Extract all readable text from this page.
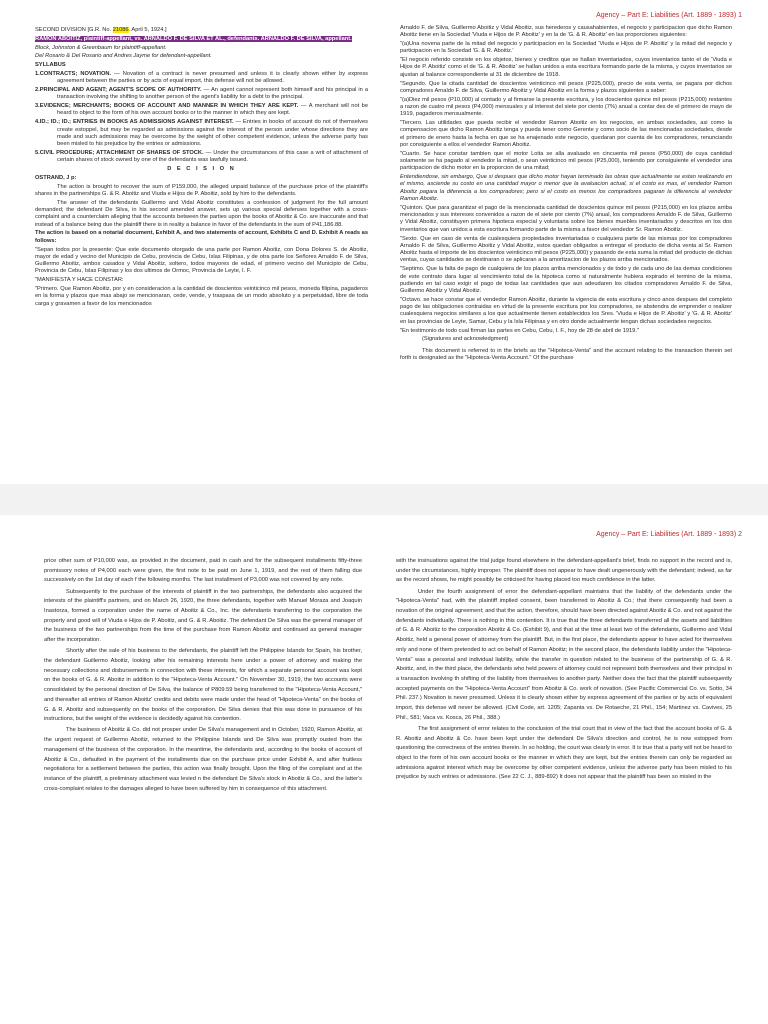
Agency – Part E: Liabilities (Art. 1889 - 1893) 1

SECOND DIVISION [G.R. No. 21086. April 5, 1924.]

RAMON ABOITIZ, plaintiff-appellant, vs. ARNALDO F. DE SILVA ET AL., defendants. ARNALDO F. DE SILVA, appellant.

Block, Johnston & Greenbaum for plaintiff-appellant.

Del Rosario & Del Rosario and Andres Jayme for defendant-appellant.

SYLLABUS

1.CONTRACTS; NOVATION. — Novation of a contract is never presumed and unless it is clearly shown either by express agreement between the parties or by acts of equal import, this defense will not be allowed.

2.PRINCIPAL AND AGENT; AGENT'S SCOPE OF AUTHORITY. — An agent cannot represent both himself and his principal in a transaction involving the shifting to another person of the agent's liability for a debt to the principal.

3.EVIDENCE; MERCHANTS; BOOKS OF ACCOUNT AND MANNER IN WHICH THEY ARE KEPT. — A merchant will not be heard to object to the form of his own account books or to the manner in which they are kept.

4.ID.; ID.; ID.; ENTRIES IN BOOKS AS ADMISSIONS AGAINST INTEREST. — Entries in books of account do not of themselves create estoppel, but may be regarded as admissions against the interest of the person under whose directions they are made and such admissions may be overcome by the weight of other competent evidence, unless the adverse party has been misled to his prejudice by the entries or admissions.

5.CIVIL PROCEDURE; ATTACHMENT OF SHARES OF STOCK. — Under the circumstances of this case a writ of attachment of certain shares of stock owned by one of the defendants was lawfully issued.

D E C I S I O N

OSTRAND, J p:

The action is brought to recover the sum of P159,000, the alleged unpaid balance of the purchase price of the plaintiff's shares in the partnerships G. & R. Aboitiz and Viuda e Hijos de P. Aboitiz, sold by him to the defendants.

The answer of the defendants Guillermo and Vidal Aboitiz constitutes a confession of judgment for the full amount demanded; the defendant De Silva, in his second amended answer, sets up various special defenses together with a cross-complaint and a counterclaim alleging that the accounts between the parties upon the books of Aboitiz & Co. are inaccurate and that instead of a balance being due the plaintiff there is in reality a balance in favor of the defendants in the sum of P41,186.88.

The action is based on a notarial document, Exhibit A, and two statements of account, Exhibits C and D. Exhibit A reads as follows:

"Sepan todos por la presente: Que este documento otorgado de una parte por Ramon Aboitiz, con Dona Dolores S. de Aboitiz, mayor de edad y vecino del Municipio de Cebu, provincia de Cebu, Islas Filipinas, y de otra parte los Señores Arnaldo F. de Silva, Guillermo Aboitiz, ambos casados y Vidal Aboitiz, soltero, todos mayores de edad, el primero vecino del Municipio de Cebu, Provincia de Cebu, Islas Filipinas y los dos ultimos de Ormoc, Provincia de Leyte, I. F.

"MANIFIESTA Y HACE CONSTAR:

"Primero. Que Ramon Aboitiz, por y en consideracion a la cantidad de doscientos veinticinco mil pesos, moneda filipina, pagaderos en la forma y plazos que mas abajo se mencionaran, cede, vende, y traspasa de un modo absoluto y a perpetuidad, libre de toda carga y gravamen a favor de los mencionados

Arnaldo F. de Silva, Guillermo Aboitiz y Vidal Aboitiz, sus herederos y causahabientes, el negocio y participacion que dicho Ramon Aboitiz tiene en la Sociedad 'Viuda e Hijos de P. Aboitiz' y en la de 'G. & R. Aboitiz' en las proporciones siguientes:

"(a)Una novena parte de la mitad del negocio y participacion en la Sociedad 'Viuda e Hijos de P. Aboitiz' y la mitad del negocio y participacion en la Sociedad 'G. & R. Aboitiz.'

"El negocio referido consiste en los objetos, bienes y creditos que se hallan inventariados, cuyos inventarios tanto el de 'Viuda e Hijos de P. Aboitiz' como el de 'G. & R. Aboitiz' se hallan unidos a esta escritura formando parte de la misma, y cuyos inventarios se ajustan al balance correspondiente al 31 de diciembre de 1918.

"Segundo. Que la citada cantidad de doscientos veinticinco mil pesos (P225,000), precio de esta venta, se pagara por dichos compradores Arnaldo F. de Silva, Guillermo Aboitiz y Vidal Aboitiz en la forma y plazos siguientes a saber:

"(a)Diez mil pesos (P10,000) al contado y al firmarse la presente escritura, y los doscientos quince mil pesos (P215,000) restantes a razon de cuatro mil pesos (P4,000) mensuales y al interest del siete por ciento (7%) anual a contar des de el primero de mayo de 1919, pagaderos mensualmente.

"Tercero. Las utilidades que pueda recibir el vendedor Ramon Aboitiz en los negocios, en ambas sociedades, asi como la compensacion que dicho Ramon Aboitiz tenga y pueda tener como Gerente y como socio de las mencionadas sociedades, desde el primero de enero hasta la fecha en que se ha enajenado este negocio, quedaran por cuenta de los compradores, renunciando por consiguiente a ellos el vendedor Ramon Aboitiz.

"Cuarto. Se hace constar tambien que el motor Loita se alla avaluado en cincuenta mil pesos (P50,000) de cuya cantidad solamente se ha pagado al vendedor la mitad, o sean veinticinco mil pesos (P25,000), teniendo por consiguiente el vendedor una participacion de dicho motor en la proporcion de una mitad;

Entendiendose, sin embargo, Que si despues que dicho motor hayan terminado las obras que actualmente se estan realizando en el mismo, asciende su costo en una cantidad mayor o menor que la avaluacion actual, si el costo es mas, el vendedor Ramon Aboitiz pagara la diferencia a los compradores; pero si el costo es menos los compradores pagaran la diferencia al vendedor Ramon Aboitiz.

"Quinton. Que para garantizar el pago de la mencionada cantidad de doscientos quince mil pesos (P215,000) en los plazos arriba mencionados y sus intereses convenidos a razon de el siete por ciento (7%) anual, los compradores Arnaldo F. de Silva, Guillermo y Vidal Aboitiz, constituyen primera hipoteca especial y voluntaria sobre los bienes muebles inventariados y descritos en los dos inventarios que van unidos a esta escritura formando parte de la misma a favor del vendedor Sr. Ramon Aboitiz.

"Sexto. Que en caso de venta de cualesquiera propiedades inventariadas o cualquiera parte de las mismas por los compradores Arnaldo F. de Silva, Guillermo Aboitiz y Vidal Aboitiz, estos quedan obligados a entregar el producto de dicha venta al Sr. Ramon Aboitiz hasta el importe de los doscientos veinticinco mil pesos (P225,000) y pasando de esta suma la mitad del producto de dichas ventas, cuyas cantidades se destinaran o se aplicaran a la amortizacion de los plazos arriba mencionados.

"Septimo. Que la falta de pago de cualquiera de los plazos arriba mencionados y de todo y de cada uno de las demas condiciones de este contrato dara lugar al vencimiento total de la hipoteca como si naturalmente hubiera expirado el termino de la misma, pudiendo en tal caso exigir el pago de todas las cantidades que aun adeudaren los citados compradores Arnaldo F. de Silva, Guillermo Aboitiz y Vidal Aboitiz.

"Octavo. se hace constar que el vendedor Ramon Aboitiz, durante la vigencia de esta escritura y cinco anos despues del completo pago de las obligaciones contraidas en virtud de la presente escritura por los compradores, se abstendra de emprender o realizer cualesquiera negocios similares a los que actualmente tienen establecidos los Sres. 'Viuda e Hijos de P. Aboitiz' y 'G. & R. Aboitiz' en las provincias de Leyte, Samar, Cebu y la Isla Filipinas y en otro donde actualmente tengan dichas sociedades negocios.

"En testimonio de todo cual firman las partes en Cebu, Cebu, I. F., hoy de 28 de abril de 1919."

(Signatures and acknowledgment)

This document is referred to in the briefs as the "Hipoteca-Venta" and the account relating to the transaction therein set forth is designated as the "Hipoteca-Venta Account." Of the purchase

Agency – Part E: Liabilities (Art. 1889 - 1893) 2

price other sum of P10,000 was, as provided in the document, paid in cash and for the subsequent installments fifty-three promissory notes of P4,000 each were given, the first note to be paid on June 1, 1919, and the rest of them falling due successively on the 1st day of each f the following months. The last installment of P3,000 was not covered by any note.

Subsequently to the purchase of the interests of plaintiff in the two partnerships, the defendants also acquired the interests of the plaintiff's partners, and on March 26, 1920, the three defendants, together with Manuel Moraza and Joaquin Inastorza, formed a corporation under the name of Aboitiz & Co., Inc. the defendants transferring to the corporation the property and good will of Viuda e Hijos de P. Aboitiz, and G. & R. Aboitiz. The defendant De Silva was the general manager of the business of the two partnerships from the time of the purchase from Ramon Aboitiz and continued as general manager after the incorporation.

Shortly after the sale of his business to the defendants, the plaintiff left the Philippine Islands for Spain, his brother, the defendant Guillermo Aboitiz, looking after his remaining interests here under a power of attorney and making the necessary collections and disbursements in connection with these interests, for which a separate personal account was kept on the books of G. & R. Aboitiz in addition to the "Hipoteca-Venta Account." On November 30, 1919, the two accounts were consolidated by the personal direction of De Silva, the balance of P809.59 being transferred to the "Hipoteca-Venta Account," and thereafter all entries of Ramon Aboitiz' credits and debits were made under the head of "Hipoteca-Venta" on the books of G. & R. Aboitiz and subsequently on the books of the corporation. De Silva denies that this was done in pursuance of his instructions, but the weight of the evidence is decidedly against his contention.

The business of Aboitiz & Co. did not prosper under De Silva's management and in October, 1920, Ramon Aboitiz, at the urgent request of Guillermo Aboitiz, returned to the Philippine Islands and De Silva was promptly ousted from the management of the business of the corporation. In the meantime, the defendants and, according to the books of account of Aboitiz & Co., defaulted in the payment of the installments due on the purchase price under Exhibit A, and after fruitless negotiations for a settlement between the parties, this action was finally brought. Upon the filing of the complaint and at the instance of the plaintiff, a preliminary attachment was levied n the defendant De Silva's stock in Aboitiz & Co., and the latter's cross-complaint relates to the damages alleged to have been suffered by him in consequence of this attachment.

with the insinuations against the trial judge found elsewhere in the defendant-appellant's brief, finds no support in the record and is, under the circumstances, highly improper. The plaintiff does not appear to have dealt ungenerously with the defendant; indeed, as far as the record shows, he might possibly be criticised for having placed too much confidence in the latter.

Under the fourth assignment of error the defendant-appellant maintains that the liability of the defendants under the "Hipoteca-Venta" had, with the plaintiff implied consent, been transferred to Aboitiz & Co.; that there consequently had been a novation of the original agreement; and that the action, therefore, should have been directed against Aboitiz & Co. and not against the defendants individually. There is nothing in this contention. It is true that the three defendants transferred all the assets and liabilities of G. & R. Aboitiz to the corporation Aboitiz & Co. (Exhibit 9), and that at the time at least two of the defendants, Guillermo and Vidal Aboitiz, held a general power of attorney from the plaintiff. But, in the first place, the defendants appear to have acted for themselves only and none of them pretended to act on behalf of Ramon Aboitiz; in the second place, the defendants liability under the "Hipoteca-Venta" was a personal and individual liability, while the transfer in question related to the business of the partnership of G. & R. Aboitiz, and, in the third place, the defendants who held powers of attorney could not represent both themselves and their principal in a transaction involving th shifting of the liability from themselves to another party. Neither does the fact that the plaintiff subsequently accepted payments on the "Hipoteca-Venta Account" from Aboitiz & Co. work of novation. (See Pacific Commercial Co. vs. Sotto, 34 Phil. 237.) Novation is never presumed. Unless it is clearly shown either by express agreement of the parties or by acts of equivalent import, this defense will never be allowed. (Civil Code, art. 1205; Zapanta vs. De Rotaeche, 21 Phil., 154; Martinez vs. Cavives, 25 Phil., 581; Vaca vs. Kosca, 26 Phil., 388.)

The first assignment of error relates to the conclusion of the trial court that in view of the fact that the account books of G. & R. Aboitiz and Aboitiz & Co. have been kept under the defendant De Silva's direction and control, he is now estopped from questioning the correctness of the entries therein. In so holding, the court was clearly in error. It is true that a party will not be heard to object to the form of his own account books or the manner in which they are kept, but the entries therein can only be regarded as admissions against interest which may be overcome by other competent evidence, unless the adverse party has been misled to his prejudice by such entries or admissions. (See 22 C. J., 889-892) It does not appear that the plaintiff has been so misled in the
